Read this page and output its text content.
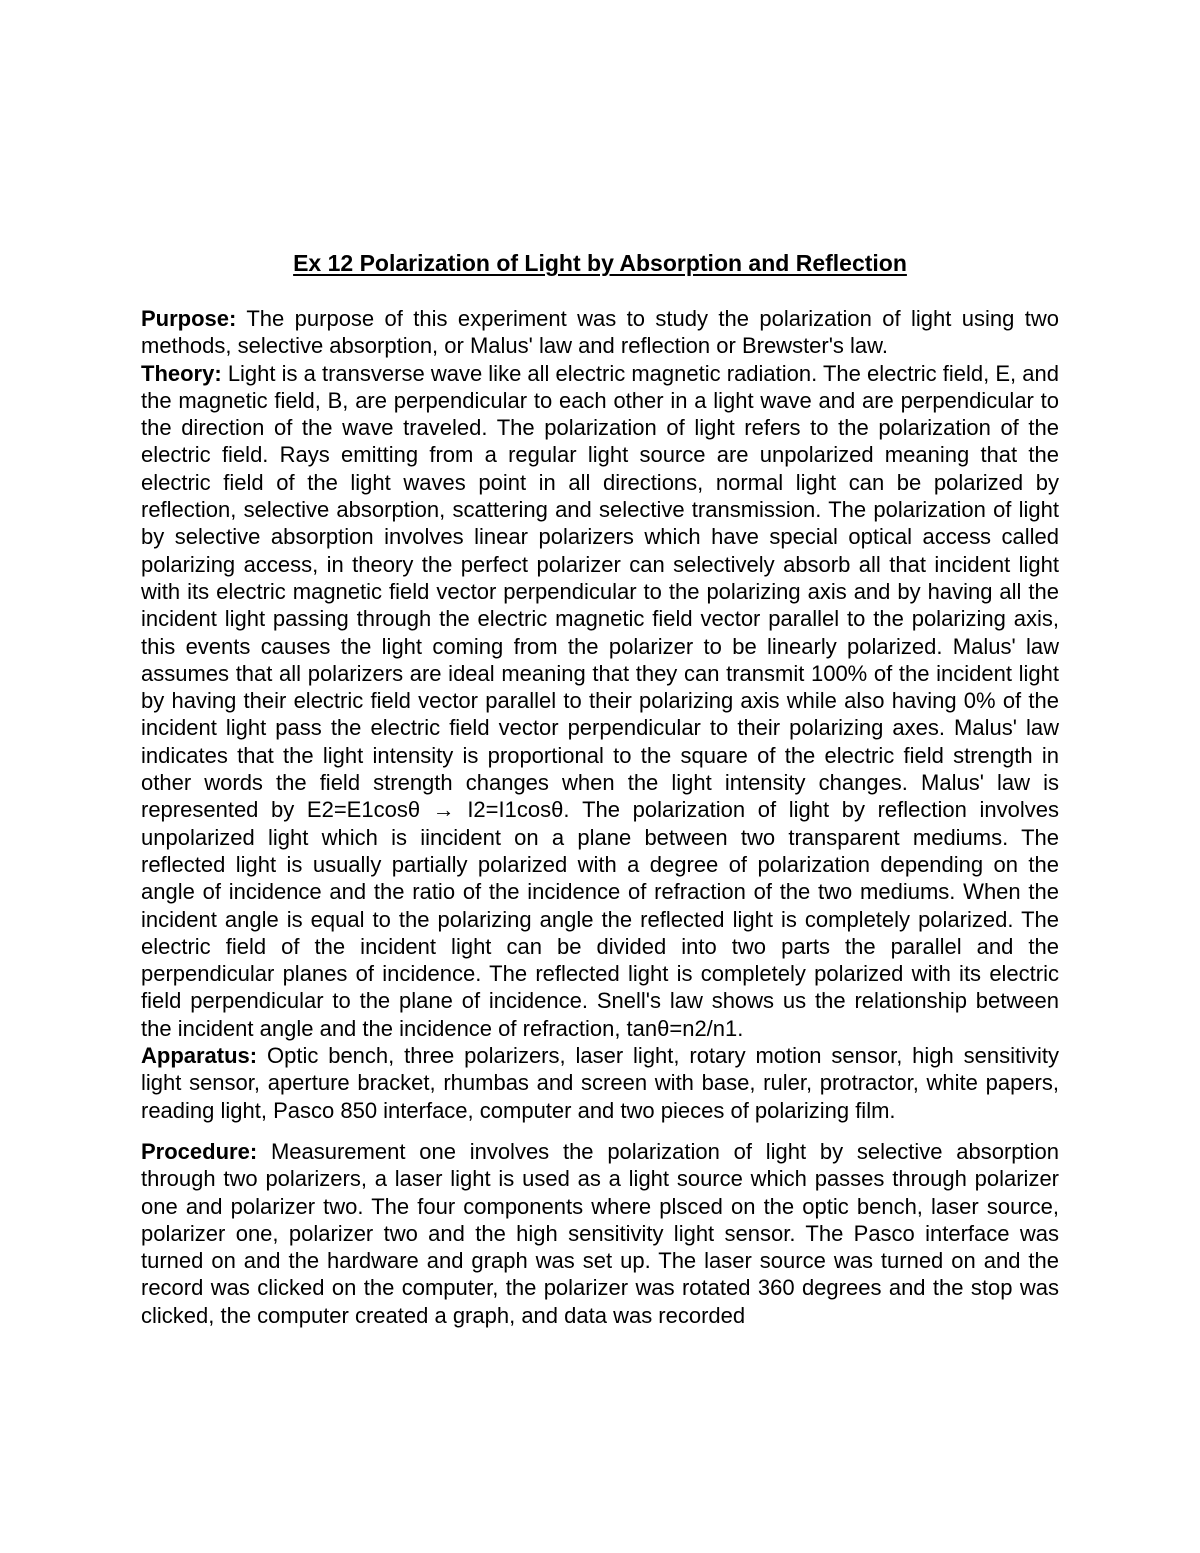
Ex 12 Polarization of Light by Absorption and Reflection

Purpose: The purpose of this experiment was to study the polarization of light using two methods, selective absorption, or Malus' law and reflection or Brewster's law.

Theory: Light is a transverse wave like all electric magnetic radiation. The electric field, E, and the magnetic field, B, are perpendicular to each other in a light wave and are perpendicular to the direction of the wave traveled. The polarization of light refers to the polarization of the electric field. Rays emitting from a regular light source are unpolarized meaning that the electric field of the light waves point in all directions, normal light can be polarized by reflection, selective absorption, scattering and selective transmission. The polarization of light by selective absorption involves linear polarizers which have special optical access called polarizing access, in theory the perfect polarizer can selectively absorb all that incident light with its electric magnetic field vector perpendicular to the polarizing axis and by having all the incident light passing through the electric magnetic field vector parallel to the polarizing axis, this events causes the light coming from the polarizer to be linearly polarized. Malus' law assumes that all polarizers are ideal meaning that they can transmit 100% of the incident light by having their electric field vector parallel to their polarizing axis while also having 0% of the incident light pass the electric field vector perpendicular to their polarizing axes. Malus' law indicates that the light intensity is proportional to the square of the electric field strength in other words the field strength changes when the light intensity changes. Malus' law is represented by E2=E1cosθ → I2=I1cosθ. The polarization of light by reflection involves unpolarized light which is iincident on a plane between two transparent mediums. The reflected light is usually partially polarized with a degree of polarization depending on the angle of incidence and the ratio of the incidence of refraction of the two mediums. When the incident angle is equal to the polarizing angle the reflected light is completely polarized. The electric field of the incident light can be divided into two parts the parallel and the perpendicular planes of incidence. The reflected light is completely polarized with its electric field perpendicular to the plane of incidence. Snell's law shows us the relationship between the incident angle and the incidence of refraction, tanθ=n2/n1.

Apparatus: Optic bench, three polarizers, laser light, rotary motion sensor, high sensitivity light sensor, aperture bracket, rhumbas and screen with base, ruler, protractor, white papers, reading light, Pasco 850 interface, computer and two pieces of polarizing film.

Procedure: Measurement one involves the polarization of light by selective absorption through two polarizers, a laser light is used as a light source which passes through polarizer one and polarizer two. The four components where plsced on the optic bench, laser source, polarizer one, polarizer two and the high sensitivity light sensor. The Pasco interface was turned on and the hardware and graph was set up. The laser source was turned on and the record was clicked on the computer, the polarizer was rotated 360 degrees and the stop was clicked, the computer created a graph, and data was recorded
